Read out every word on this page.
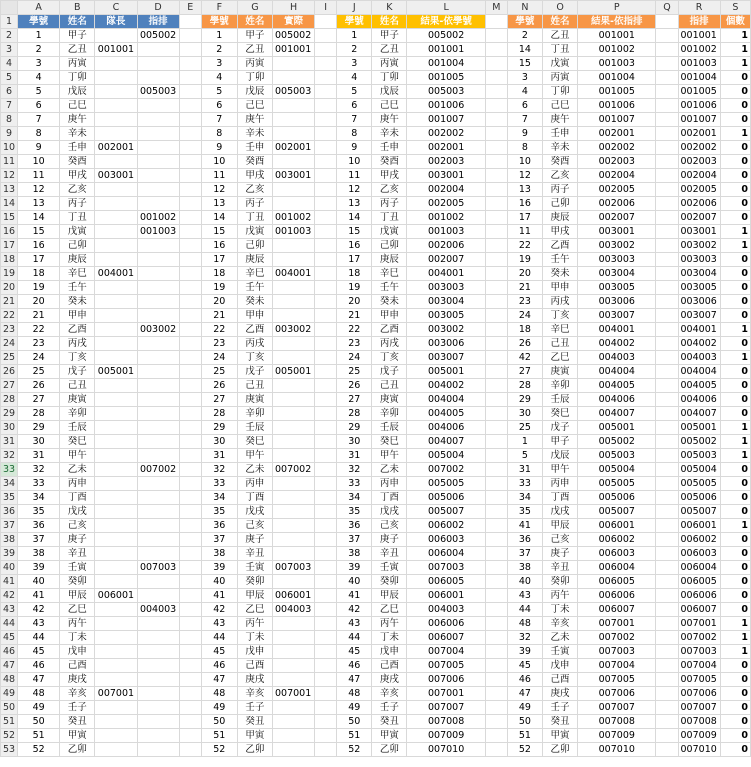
	A	B	C	D	E	F	G	H	I	J	K	L	M	N	O	P	Q	R	S
1	學號	姓名	隊長	指排		學號	姓名	實際		學號	姓名	結果-依學號		學號	姓名	結果-依指排		指排	個數
2	1	甲子		005002		1	甲子	005002		1	甲子	005002		2	乙丑	001001		001001	1
3	2	乙丑	001001			2	乙丑	001001		2	乙丑	001001		14	丁丑	001002		001002	1
4	3	丙寅				3	丙寅			3	丙寅	001004		15	戊寅	001003		001003	1
5	4	丁卯				4	丁卯			4	丁卯	001005		3	丙寅	001004		001004	0
6	5	戊辰		005003		5	戊辰	005003		5	戊辰	005003		4	丁卯	001005		001005	0
7	6	己巳				6	己巳			6	己巳	001006		6	己巳	001006		001006	0
8	7	庚午				7	庚午			7	庚午	001007		7	庚午	001007		001007	0
9	8	辛未				8	辛未			8	辛未	002002		9	壬申	002001		002001	1
10	9	壬申	002001			9	壬申	002001		9	壬申	002001		8	辛未	002002		002002	0
11	10	癸酉				10	癸酉			10	癸酉	002003		10	癸酉	002003		002003	0
12	11	甲戌	003001			11	甲戌	003001		11	甲戌	003001		12	乙亥	002004		002004	0
13	12	乙亥				12	乙亥			12	乙亥	002004		13	丙子	002005		002005	0
14	13	丙子				13	丙子			13	丙子	002005		16	己卯	002006		002006	0
15	14	丁丑		001002		14	丁丑	001002		14	丁丑	001002		17	庚辰	002007		002007	0
16	15	戊寅		001003		15	戊寅	001003		15	戊寅	001003		11	甲戌	003001		003001	1
17	16	己卯				16	己卯			16	己卯	002006		22	乙酉	003002		003002	1
18	17	庚辰				17	庚辰			17	庚辰	002007		19	壬午	003003		003003	0
19	18	辛巳	004001			18	辛巳	004001		18	辛巳	004001		20	癸未	003004		003004	0
20	19	壬午				19	壬午			19	壬午	003003		21	甲申	003005		003005	0
21	20	癸未				20	癸未			20	癸未	003004		23	丙戌	003006		003006	0
22	21	甲申				21	甲申			21	甲申	003005		24	丁亥	003007		003007	0
23	22	乙酉		003002		22	乙酉	003002		22	乙酉	003002		18	辛巳	004001		004001	1
24	23	丙戌				23	丙戌			23	丙戌	003006		26	己丑	004002		004002	0
25	24	丁亥				24	丁亥			24	丁亥	003007		42	乙巳	004003		004003	1
26	25	戊子	005001			25	戊子	005001		25	戊子	005001		27	庚寅	004004		004004	0
27	26	己丑				26	己丑			26	己丑	004002		28	辛卯	004005		004005	0
28	27	庚寅				27	庚寅			27	庚寅	004004		29	壬辰	004006		004006	0
29	28	辛卯				28	辛卯			28	辛卯	004005		30	癸巳	004007		004007	0
30	29	壬辰				29	壬辰			29	壬辰	004006		25	戊子	005001		005001	1
31	30	癸巳				30	癸巳			30	癸巳	004007		1	甲子	005002		005002	1
32	31	甲午				31	甲午			31	甲午	005004		5	戊辰	005003		005003	1
33	32	乙未		007002		32	乙未	007002		32	乙未	007002		31	甲午	005004		005004	0
34	33	丙申				33	丙申			33	丙申	005005		33	丙申	005005		005005	0
35	34	丁酉				34	丁酉			34	丁酉	005006		34	丁酉	005006		005006	0
36	35	戊戌				35	戊戌			35	戊戌	005007		35	戊戌	005007		005007	0
37	36	己亥				36	己亥			36	己亥	006002		41	甲辰	006001		006001	1
38	37	庚子				37	庚子			37	庚子	006003		36	己亥	006002		006002	0
39	38	辛丑				38	辛丑			38	辛丑	006004		37	庚子	006003		006003	0
40	39	壬寅		007003		39	壬寅	007003		39	壬寅	007003		38	辛丑	006004		006004	0
41	40	癸卯				40	癸卯			40	癸卯	006005		40	癸卯	006005		006005	0
42	41	甲辰	006001			41	甲辰	006001		41	甲辰	006001		43	丙午	006006		006006	0
43	42	乙巳		004003		42	乙巳	004003		42	乙巳	004003		44	丁未	006007		006007	0
44	43	丙午				43	丙午			43	丙午	006006		48	辛亥	007001		007001	1
45	44	丁未				44	丁未			44	丁未	006007		32	乙未	007002		007002	1
46	45	戊申				45	戊申			45	戊申	007004		39	壬寅	007003		007003	1
47	46	己酉				46	己酉			46	己酉	007005		45	戊申	007004		007004	0
48	47	庚戌				47	庚戌			47	庚戌	007006		46	己酉	007005		007005	0
49	48	辛亥	007001			48	辛亥	007001		48	辛亥	007001		47	庚戌	007006		007006	0
50	49	壬子				49	壬子			49	壬子	007007		49	壬子	007007		007007	0
51	50	癸丑				50	癸丑			50	癸丑	007008		50	癸丑	007008		007008	0
52	51	甲寅				51	甲寅			51	甲寅	007009		51	甲寅	007009		007009	0
53	52	乙卯				52	乙卯			52	乙卯	007010		52	乙卯	007010		007010	0
